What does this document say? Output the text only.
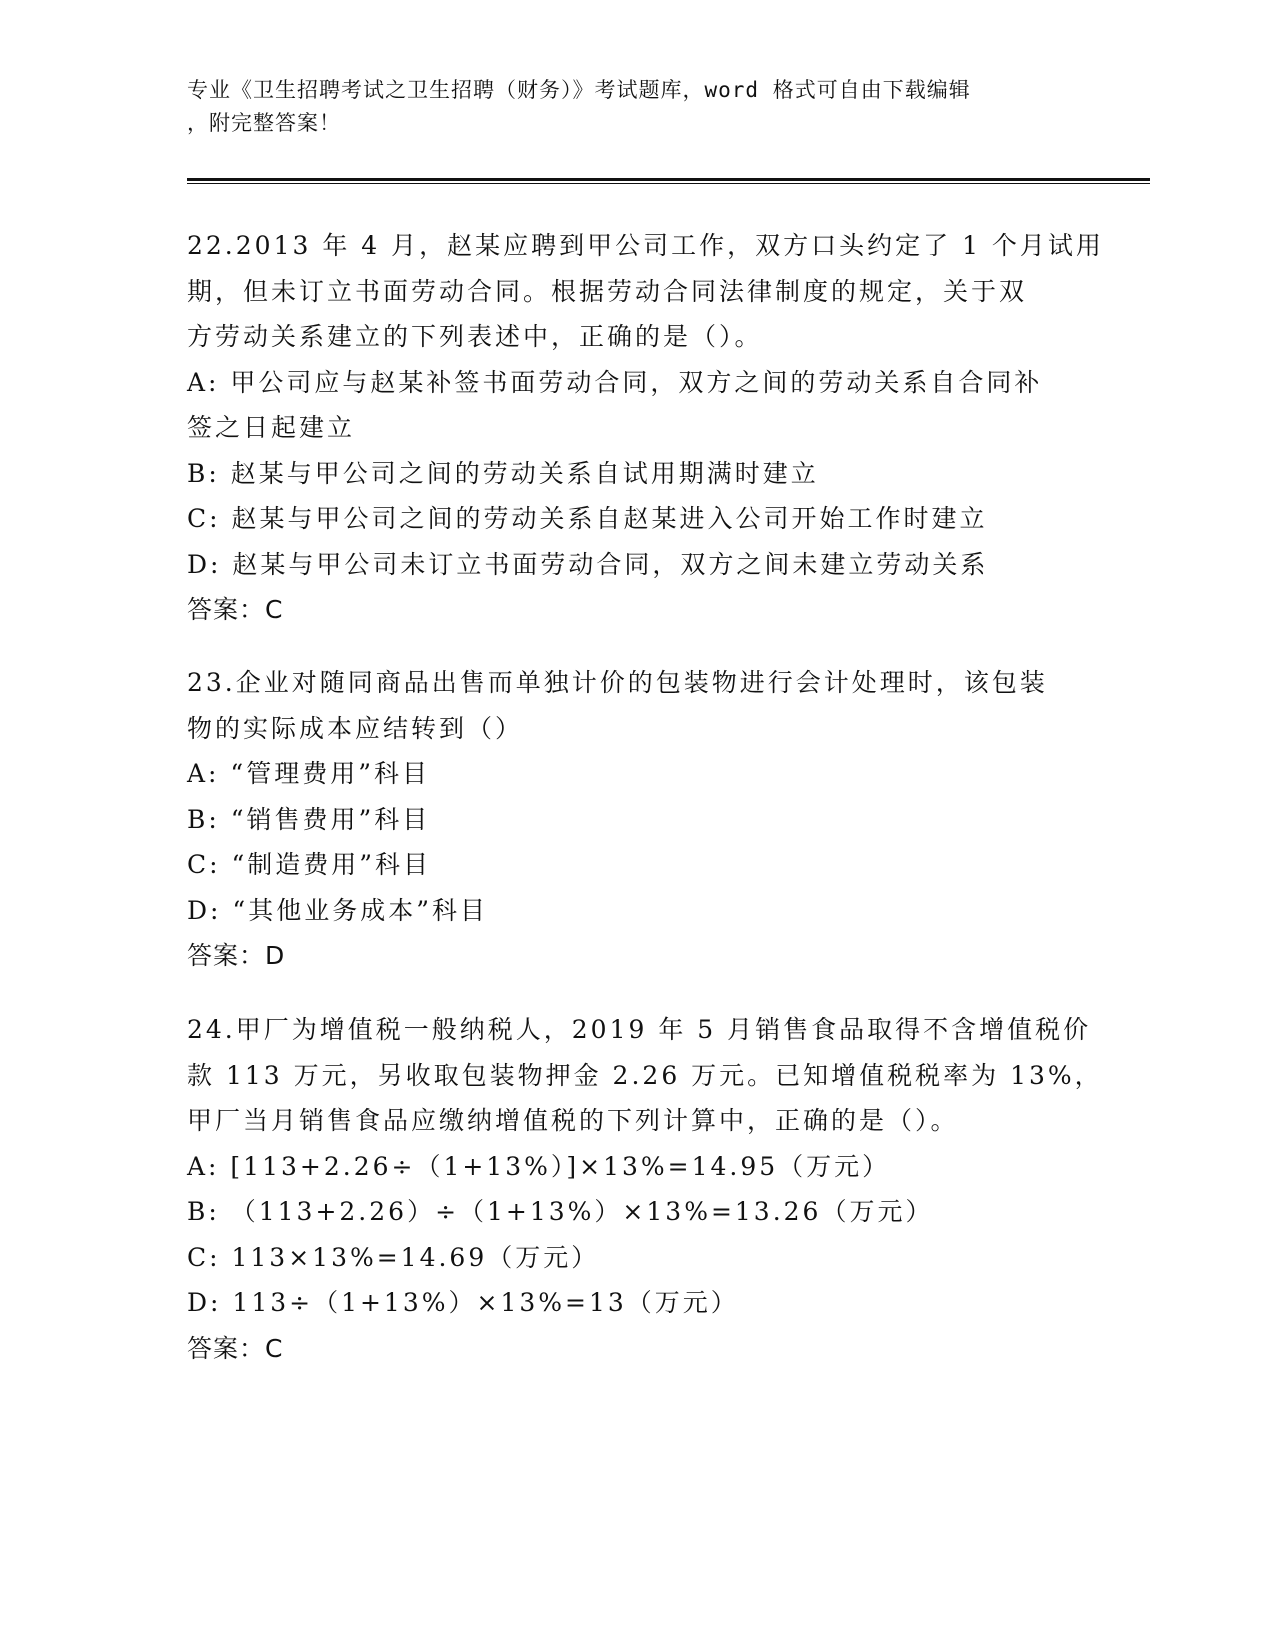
专业《卫生招聘考试之卫生招聘（财务）》考试题库，word 格式可自由下载编辑
，附完整答案！
22.2013 年 4 月，赵某应聘到甲公司工作，双方口头约定了 1 个月试用
期，但未订立书面劳动合同。根据劳动合同法律制度的规定，关于双
方劳动关系建立的下列表述中，正确的是（）。
A: 甲公司应与赵某补签书面劳动合同，双方之间的劳动关系自合同补
签之日起建立
B: 赵某与甲公司之间的劳动关系自试用期满时建立
C: 赵某与甲公司之间的劳动关系自赵某进入公司开始工作时建立
D: 赵某与甲公司未订立书面劳动合同，双方之间未建立劳动关系
答案：C
23.企业对随同商品出售而单独计价的包装物进行会计处理时，该包装
物的实际成本应结转到（）
A: “管理费用”科目
B: “销售费用”科目
C: “制造费用”科目
D: “其他业务成本”科目
答案：D
24.甲厂为增值税一般纳税人，2019 年 5 月销售食品取得不含增值税价
款 113 万元，另收取包装物押金 2.26 万元。已知增值税税率为 13%，
甲厂当月销售食品应缴纳增值税的下列计算中，正确的是（）。
A: [113+2.26÷（1+13%）]×13%=14.95（万元）
B: （113+2.26）÷（1+13%）×13%=13.26（万元）
C: 113×13%=14.69（万元）
D: 113÷（1+13%）×13%=13（万元）
答案：C
